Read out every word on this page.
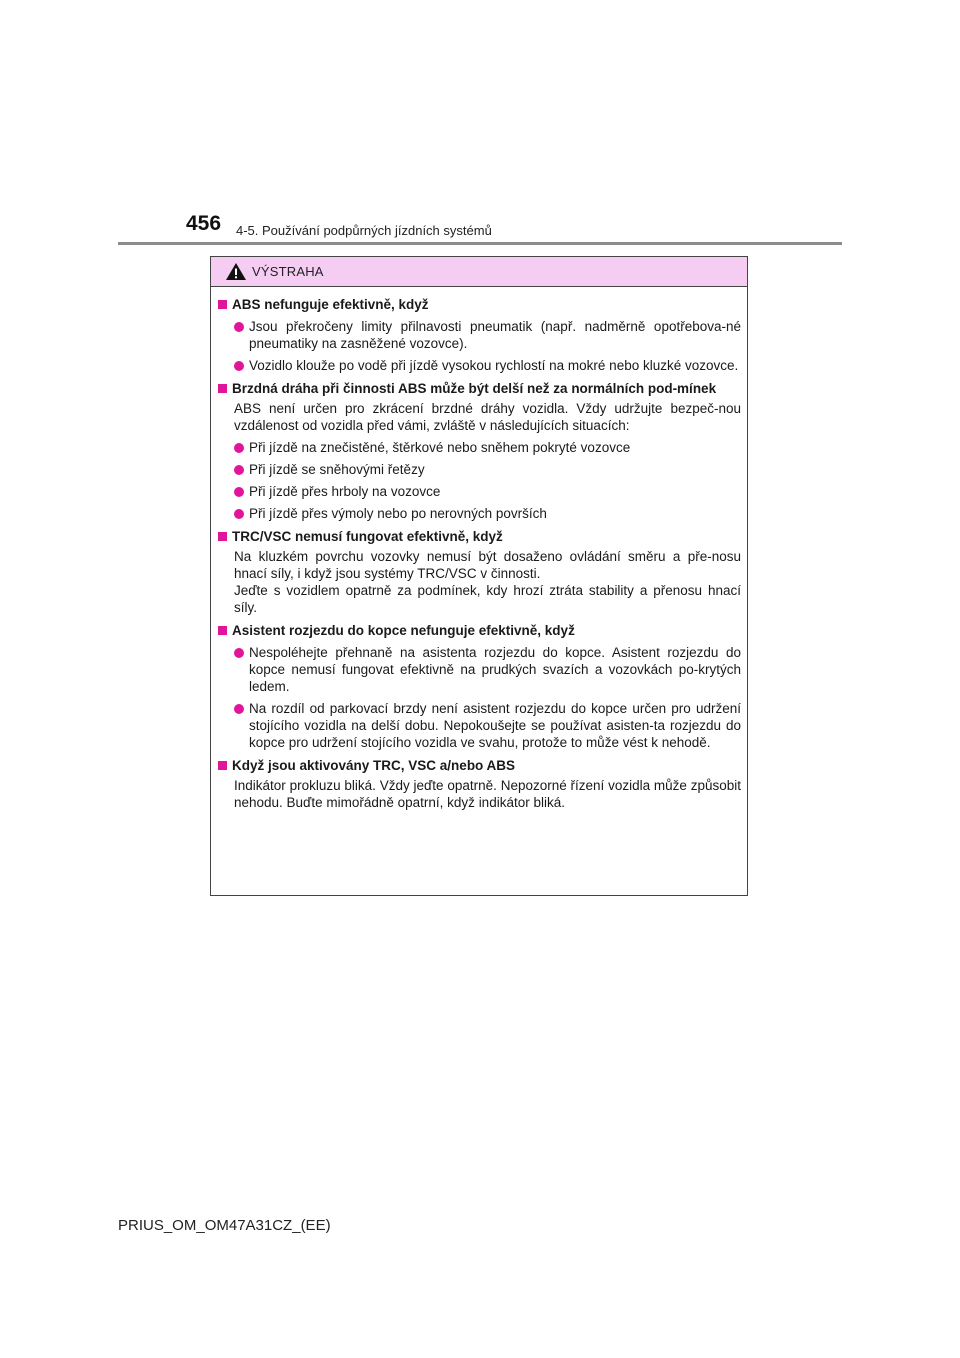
456 4-5. Používání podpůrných jízdních systémů
VÝSTRAHA
ABS nefunguje efektivně, když
Jsou překročeny limity přilnavosti pneumatik (např. nadměrně opotřebova-né pneumatiky na zasněžené vozovce).
Vozidlo klouže po vodě při jízdě vysokou rychlostí na mokré nebo kluzké vozovce.
Brzdná dráha při činnosti ABS může být delší než za normálních pod-mínek
ABS není určen pro zkrácení brzdné dráhy vozidla. Vždy udržujte bezpeč-nou vzdálenost od vozidla před vámi, zvláště v následujících situacích:
Při jízdě na znečistěné, štěrkové nebo sněhem pokryté vozovce
Při jízdě se sněhovými řetězy
Při jízdě přes hrboly na vozovce
Při jízdě přes výmoly nebo po nerovných površích
TRC/VSC nemusí fungovat efektivně, když
Na kluzkém povrchu vozovky nemusí být dosaženo ovládání směru a pře-nosu hnací síly, i když jsou systémy TRC/VSC v činnosti.
Jeďte s vozidlem opatrně za podmínek, kdy hrozí ztráta stability a přenosu hnací síly.
Asistent rozjezdu do kopce nefunguje efektivně, když
Nespoléhejte přehnaně na asistenta rozjezdu do kopce. Asistent rozjezdu do kopce nemusí fungovat efektivně na prudkých svazích a vozovkách po-krytých ledem.
Na rozdíl od parkovací brzdy není asistent rozjezdu do kopce určen pro udržení stojícího vozidla na delší dobu. Nepokoušejte se používat asisten-ta rozjezdu do kopce pro udržení stojícího vozidla ve svahu, protože to může vést k nehodě.
Když jsou aktivovány TRC, VSC a/nebo ABS
Indikátor prokluzu bliká. Vždy jeďte opatrně. Nepozorné řízení vozidla může způsobit nehodu. Buďte mimořádně opatrní, když indikátor bliká.
PRIUS_OM_OM47A31CZ_(EE)
